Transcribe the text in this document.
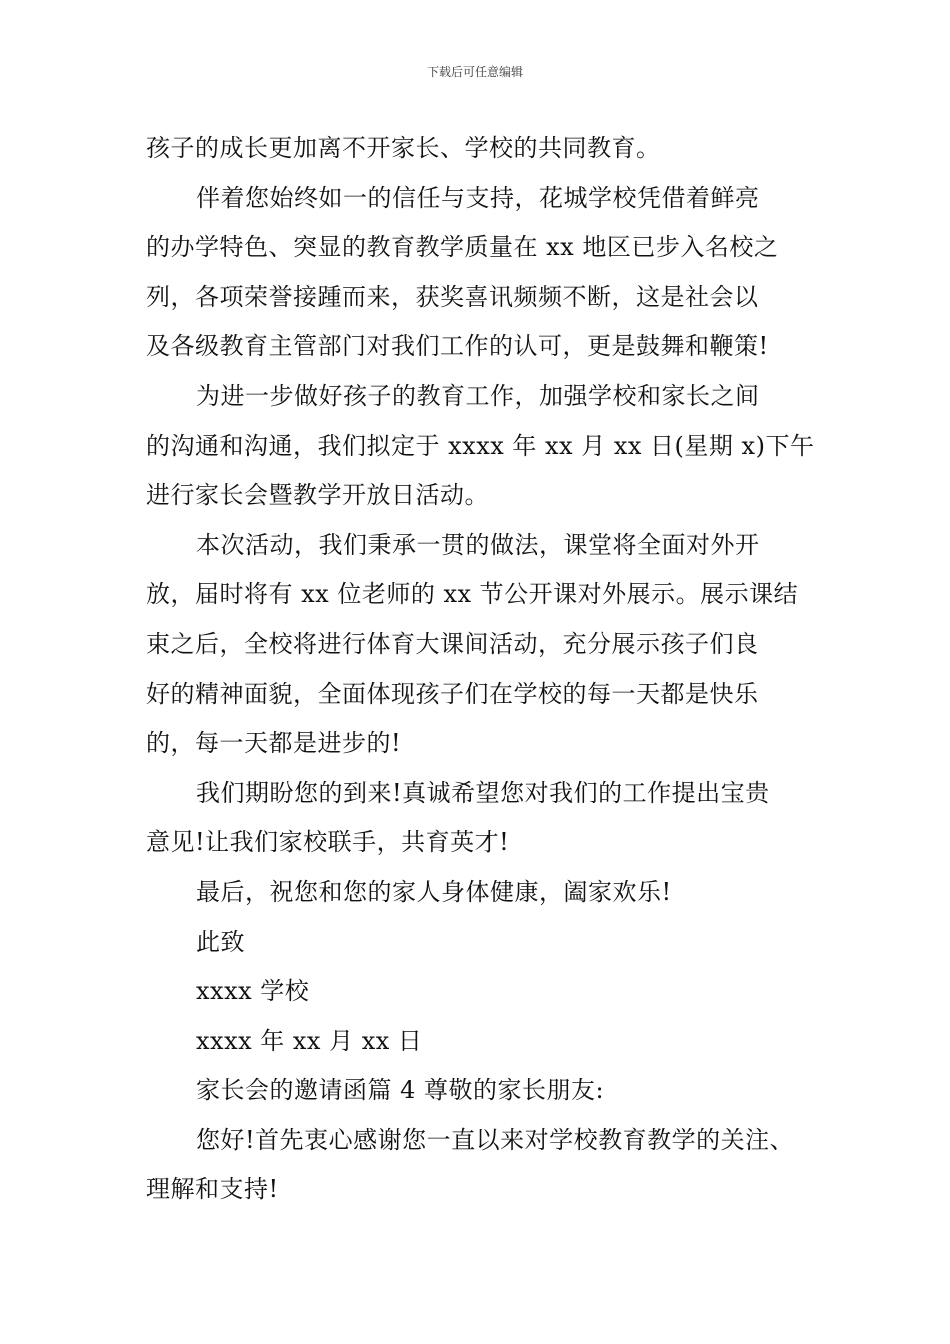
下载后可任意编辑

孩子的成长更加离不开家长、学校的共同教育。

伴着您始终如一的信任与支持，花城学校凭借着鲜亮

的办学特色、突显的教育教学质量在 xx 地区已步入名校之

列，各项荣誉接踵而来，获奖喜讯频频不断，这是社会以

及各级教育主管部门对我们工作的认可，更是鼓舞和鞭策!

为进一步做好孩子的教育工作，加强学校和家长之间

的沟通和沟通，我们拟定于 xxxx 年 xx 月 xx 日(星期 x)下午

进行家长会暨教学开放日活动。

本次活动，我们秉承一贯的做法，课堂将全面对外开

放，届时将有 xx 位老师的 xx 节公开课对外展示。展示课结

束之后，全校将进行体育大课间活动，充分展示孩子们良

好的精神面貌，全面体现孩子们在学校的每一天都是快乐

的，每一天都是进步的!

我们期盼您的到来!真诚希望您对我们的工作提出宝贵

意见!让我们家校联手，共育英才!

最后，祝您和您的家人身体健康，阖家欢乐!

此致

xxxx 学校

xxxx 年 xx 月 xx 日

家长会的邀请函篇 4 尊敬的家长朋友:

您好!首先衷心感谢您一直以来对学校教育教学的关注、

理解和支持!
